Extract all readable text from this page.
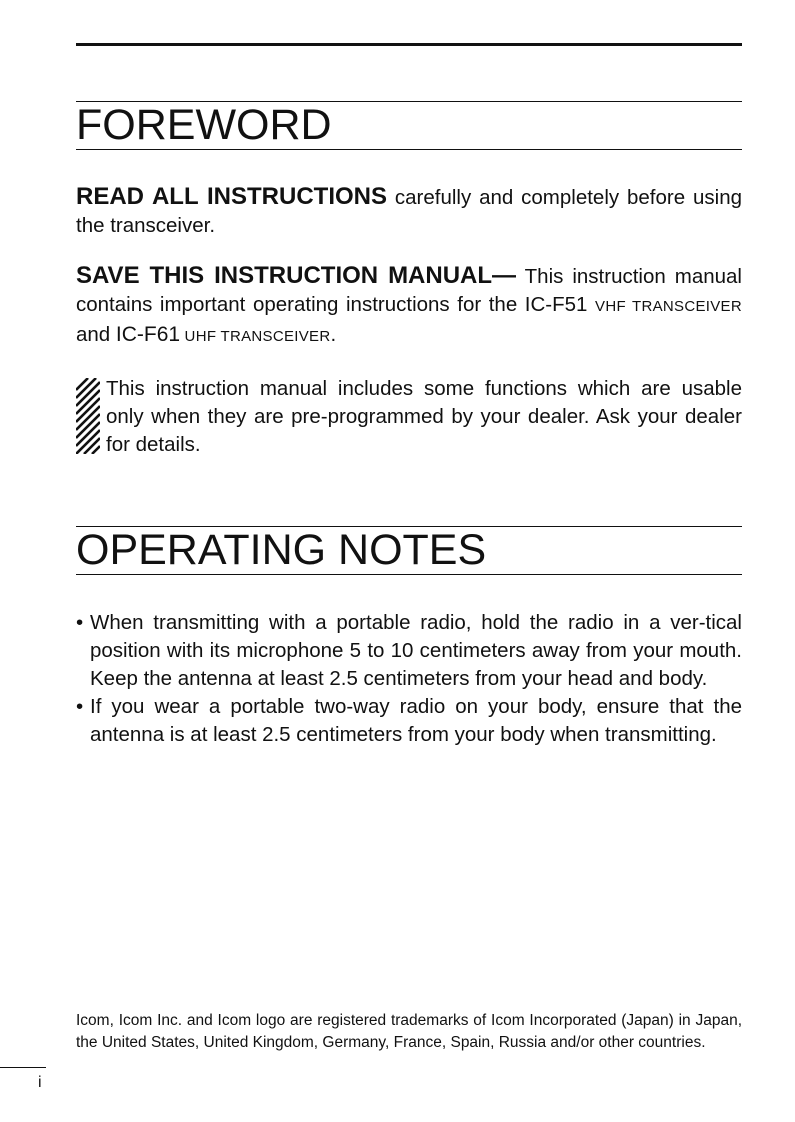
FOREWORD

READ ALL INSTRUCTIONS carefully and completely before using the transceiver.

SAVE THIS INSTRUCTION MANUAL— This instruction manual contains important operating instructions for the IC-F51 VHF TRANSCEIVER and IC-F61 UHF TRANSCEIVER.

This instruction manual includes some functions which are usable only when they are pre-programmed by your dealer. Ask your dealer for details.

OPERATING NOTES
• When transmitting with a portable radio, hold the radio in a ver-tical position with its microphone 5 to 10 centimeters away from your mouth. Keep the antenna at least 2.5 centimeters from your head and body.
• If you wear a portable two-way radio on your body, ensure that the antenna is at least 2.5 centimeters from your body when transmitting.

Icom, Icom Inc. and Icom logo are registered trademarks of Icom Incorporated (Japan) in Japan, the United States, United Kingdom, Germany, France, Spain, Russia and/or other countries.

i
